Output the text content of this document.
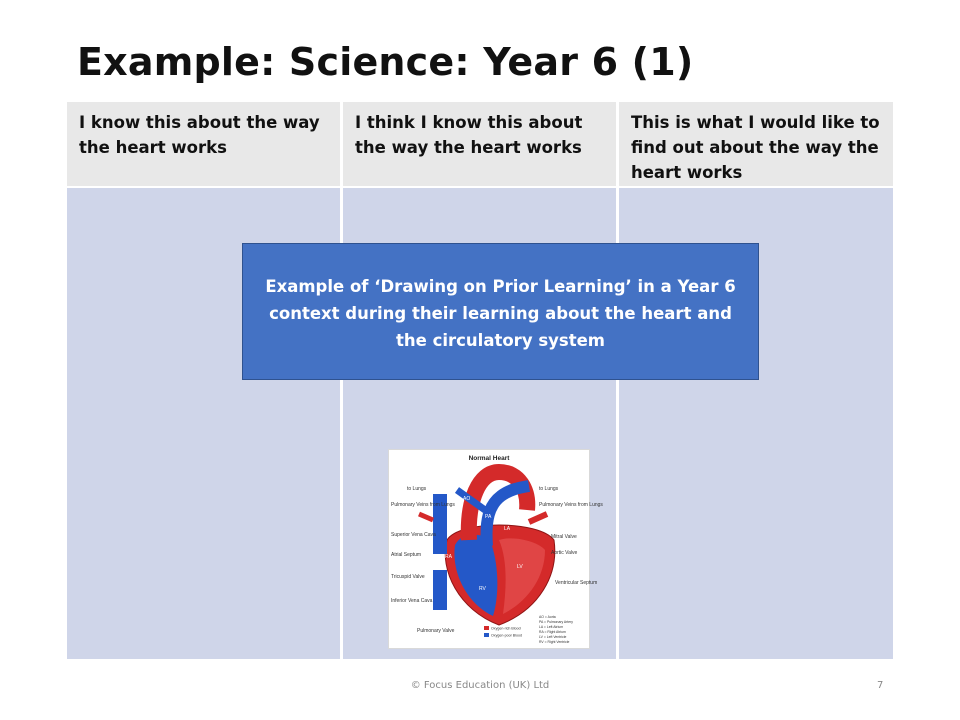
Example: Science: Year 6 (1)
I know this about the way the heart works
I think I know this about the way the heart works
This is what I would like to find out about the way the heart works
Example of ‘Drawing on Prior Learning’ in a Year 6 context during their learning about the heart and the circulatory system
Normal Heart
AO
PA
LA
RA
LV
RV
to Lungs	to Lungs
Pulmonary Veins from Lungs	Pulmonary Veins from Lungs
Superior Vena Cava
Atrial Septum
Tricuspid Valve
Inferior Vena Cava
Pulmonary Valve
Mitral Valve
Aortic Valve
Ventricular Septum
AO = Aorta
PA = Pulmonary Artery
LA = Left Atrium
RA = Right Atrium
LV = Left Ventricle
RV = Right Ventricle
Oxygen-rich Blood
Oxygen-poor Blood
© Focus Education (UK) Ltd	7
